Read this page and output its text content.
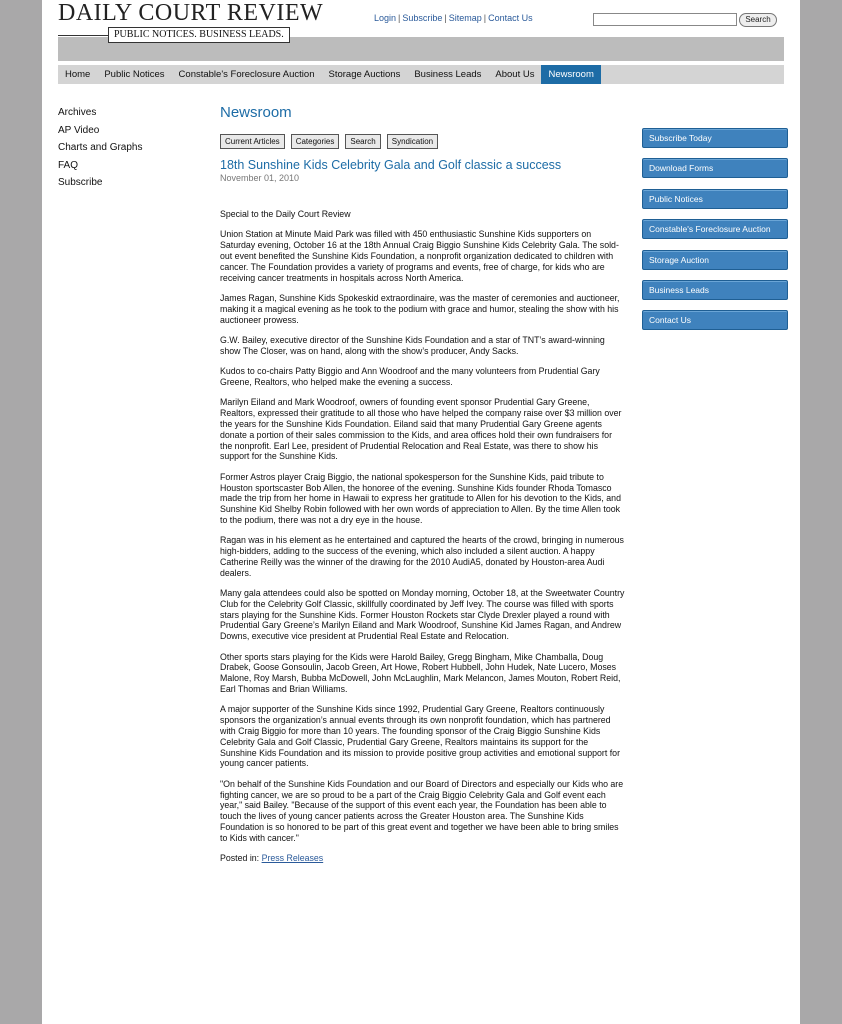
DAILY COURT REVIEW
PUBLIC NOTICES. BUSINESS LEADS.
Login | Subscribe | Sitemap | Contact Us	Search
Home	Public Notices	Constable's Foreclosure Auction	Storage Auctions	Business Leads	About Us	Newsroom
Archives
AP Video
Charts and Graphs
FAQ
Subscribe
Newsroom
Current Articles	Categories	Search	Syndication
18th Sunshine Kids Celebrity Gala and Golf classic a success
November 01, 2010

Special to the Daily Court Review

Union Station at Minute Maid Park was filled with 450 enthusiastic Sunshine Kids supporters on Saturday evening, October 16 at the 18th Annual Craig Biggio Sunshine Kids Celebrity Gala. The sold-out event benefited the Sunshine Kids Foundation, a nonprofit organization dedicated to children with cancer. The Foundation provides a variety of programs and events, free of charge, for kids who are receiving cancer treatments in hospitals across North America.

James Ragan, Sunshine Kids Spokeskid extraordinaire, was the master of ceremonies and auctioneer, making it a magical evening as he took to the podium with grace and humor, stealing the show with his auctioneer prowess.

G.W. Bailey, executive director of the Sunshine Kids Foundation and a star of TNT’s award-winning show The Closer, was on hand, along with the show’s producer, Andy Sacks.

Kudos to co-chairs Patty Biggio and Ann Woodroof and the many volunteers from Prudential Gary Greene, Realtors, who helped make the evening a success.

Marilyn Eiland and Mark Woodroof, owners of founding event sponsor Prudential Gary Greene, Realtors, expressed their gratitude to all those who have helped the company raise over $3 million over the years for the Sunshine Kids Foundation. Eiland said that many Prudential Gary Greene agents donate a portion of their sales commission to the Kids, and area offices hold their own fundraisers for the nonprofit. Earl Lee, president of Prudential Relocation and Real Estate, was there to show his support for the Sunshine Kids.

Former Astros player Craig Biggio, the national spokesperson for the Sunshine Kids, paid tribute to Houston sportscaster Bob Allen, the honoree of the evening. Sunshine Kids founder Rhoda Tomasco made the trip from her home in Hawaii to express her gratitude to Allen for his devotion to the Kids, and Sunshine Kid Shelby Robin followed with her own words of appreciation to Allen. By the time Allen took to the podium, there was not a dry eye in the house.

Ragan was in his element as he entertained and captured the hearts of the crowd, bringing in numerous high-bidders, adding to the success of the evening, which also included a silent auction. A happy Catherine Reilly was the winner of the drawing for the 2010 AudiA5, donated by Houston-area Audi dealers.

Many gala attendees could also be spotted on Monday morning, October 18, at the Sweetwater Country Club for the Celebrity Golf Classic, skillfully coordinated by Jeff Ivey. The course was filled with sports stars playing for the Sunshine Kids. Former Houston Rockets star Clyde Drexler played a round with Prudential Gary Greene’s Marilyn Eiland and Mark Woodroof, Sunshine Kid James Ragan, and Andrew Downs, executive vice president at Prudential Real Estate and Relocation.

Other sports stars playing for the Kids were Harold Bailey, Gregg Bingham, Mike Chamballa, Doug Drabek, Goose Gonsoulin, Jacob Green, Art Howe, Robert Hubbell, John Hudek, Nate Lucero, Moses Malone, Roy Marsh, Bubba McDowell, John McLaughlin, Mark Melancon, James Mouton, Robert Reid, Earl Thomas and Brian Williams.

A major supporter of the Sunshine Kids since 1992, Prudential Gary Greene, Realtors continuously sponsors the organization’s annual events through its own nonprofit foundation, which has partnered with Craig Biggio for more than 10 years. The founding sponsor of the Craig Biggio Sunshine Kids Celebrity Gala and Golf Classic, Prudential Gary Greene, Realtors maintains its support for the Sunshine Kids Foundation and its mission to provide positive group activities and emotional support for young cancer patients.

"On behalf of the Sunshine Kids Foundation and our Board of Directors and especially our Kids who are fighting cancer, we are so proud to be a part of the Craig Biggio Celebrity Gala and Golf event each year," said Bailey. "Because of the support of this event each year, the Foundation has been able to touch the lives of young cancer patients across the Greater Houston area. The Sunshine Kids Foundation is so honored to be part of this great event and together we have been able to bring smiles to Kids with cancer."

Posted in: Press Releases
Subscribe Today
Download Forms
Public Notices
Constable's Foreclosure Auction
Storage Auction
Business Leads
Contact Us
